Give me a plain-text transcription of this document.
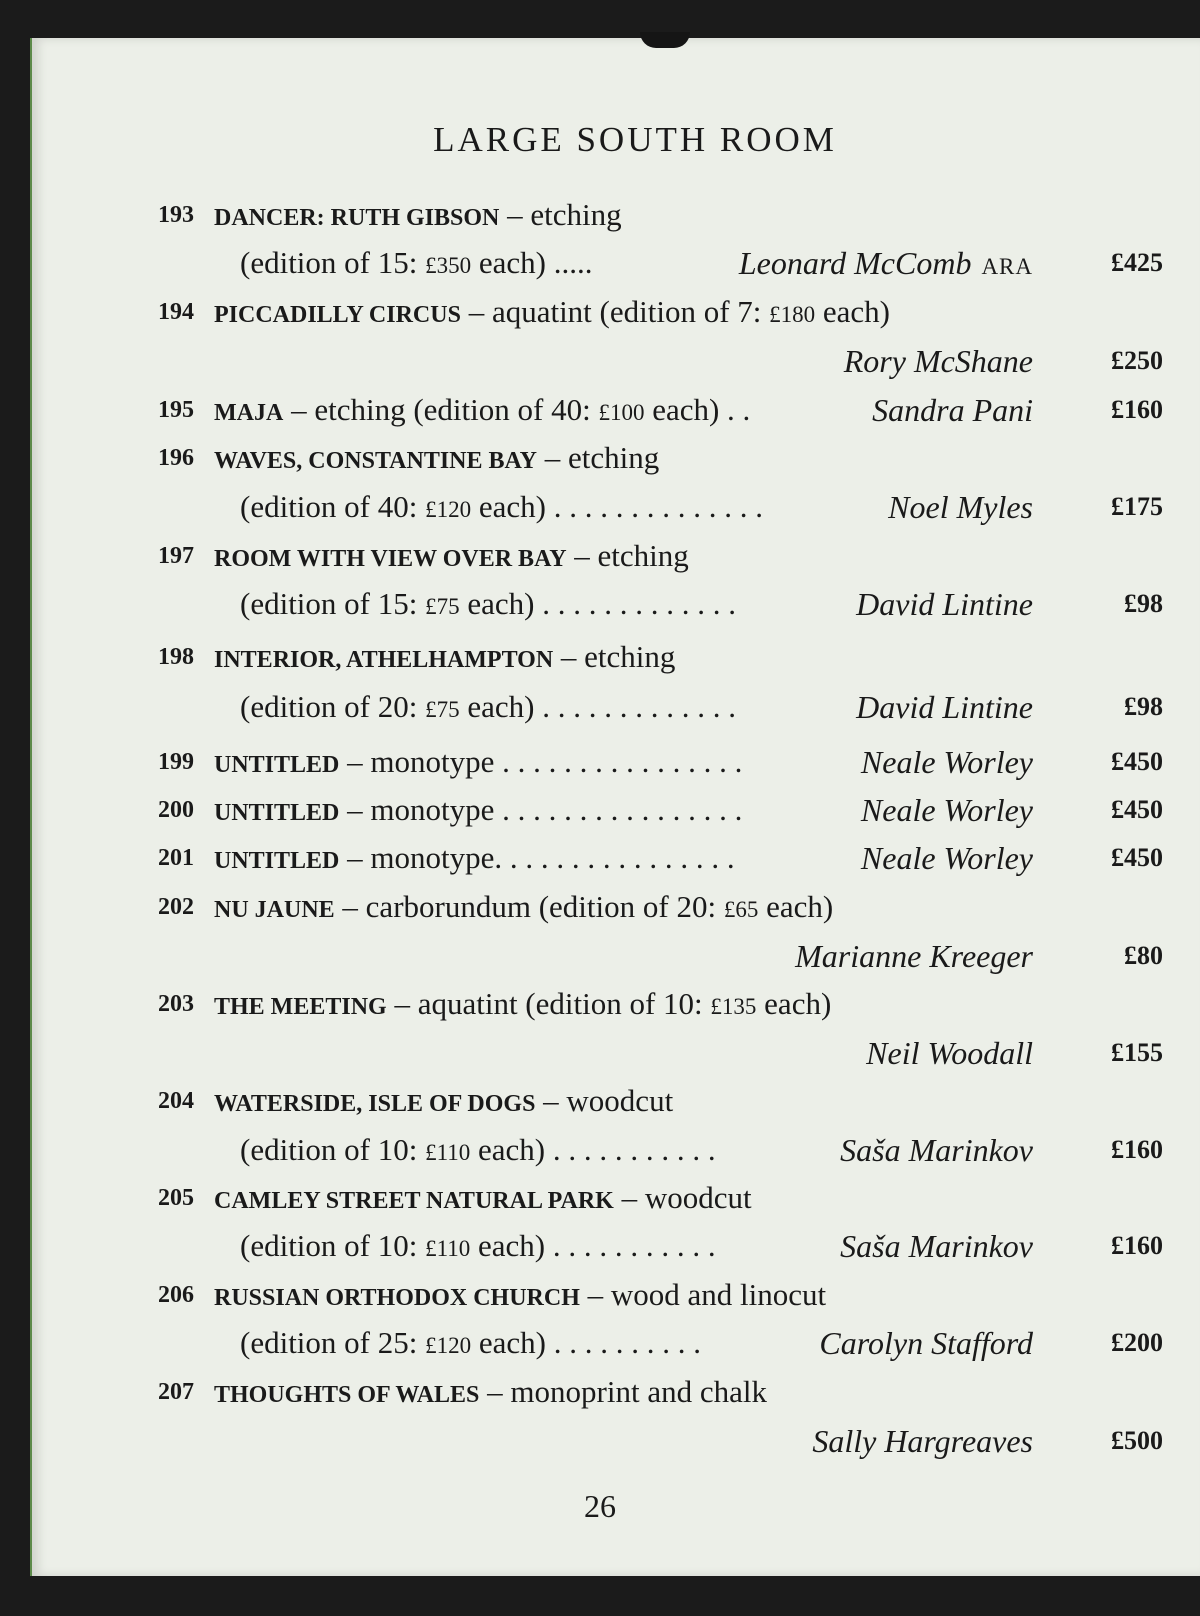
LARGE SOUTH ROOM
193 DANCER: RUTH GIBSON – etching
(edition of 15: £350 each) .....	Leonard McComb ARA	£425
194 PICCADILLY CIRCUS – aquatint (edition of 7: £180 each)
Rory McShane	£250
195 MAJA – etching (edition of 40: £100 each) . .	Sandra Pani	£160
196 WAVES, CONSTANTINE BAY – etching
(edition of 40: £120 each) . . . . . . . . . . . . . .	Noel Myles	£175
197 ROOM WITH VIEW OVER BAY – etching
(edition of 15: £75 each) . . . . . . . . . . . . .	David Lintine	£98
198 INTERIOR, ATHELHAMPTON – etching
(edition of 20: £75 each) . . . . . . . . . . . . .	David Lintine	£98
199 UNTITLED – monotype . . . . . . . . . . . . . . . .	Neale Worley	£450
200 UNTITLED – monotype . . . . . . . . . . . . . . . .	Neale Worley	£450
201 UNTITLED – monotype. . . . . . . . . . . . . . . .	Neale Worley	£450
202 NU JAUNE – carborundum (edition of 20: £65 each)
Marianne Kreeger	£80
203 THE MEETING – aquatint (edition of 10: £135 each)
Neil Woodall	£155
204 WATERSIDE, ISLE OF DOGS – woodcut
(edition of 10: £110 each) . . . . . . . . . . .	Saša Marinkov	£160
205 CAMLEY STREET NATURAL PARK – woodcut
(edition of 10: £110 each) . . . . . . . . . . .	Saša Marinkov	£160
206 RUSSIAN ORTHODOX CHURCH – wood and linocut
(edition of 25: £120 each) . . . . . . . . . .	Carolyn Stafford	£200
207 THOUGHTS OF WALES – monoprint and chalk
Sally Hargreaves	£500
26
